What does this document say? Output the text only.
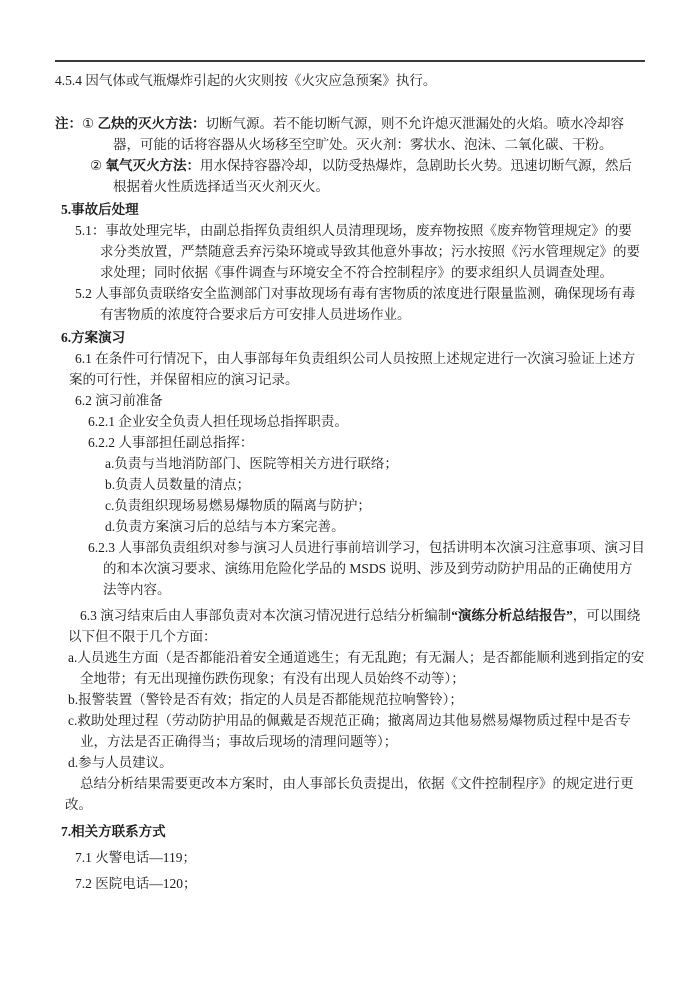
4.5.4 因气体或气瓶爆炸引起的火灾则按《火灾应急预案》执行。

注：① 乙炔的灭火方法：切断气源。若不能切断气源，则不允许熄灭泄漏处的火焰。喷水冷却容器，可能的话将容器从火场移至空旷处。灭火剂：雾状水、泡沫、二氧化碳、干粉。

② 氧气灭火方法：用水保持容器冷却，以防受热爆炸，急剧助长火势。迅速切断气源，然后根据着火性质选择适当灭火剂灭火。

5.事故后处理

5.1：事故处理完毕，由副总指挥负责组织人员清理现场，废弃物按照《废弃物管理规定》的要求分类放置，严禁随意丢弃污染环境或导致其他意外事故；污水按照《污水管理规定》的要求处理；同时依据《事件调查与环境安全不符合控制程序》的要求组织人员调查处理。

5.2 人事部负责联络安全监测部门对事故现场有毒有害物质的浓度进行限量监测，确保现场有毒有害物质的浓度符合要求后方可安排人员进场作业。

6.方案演习

6.1 在条件可行情况下，由人事部每年负责组织公司人员按照上述规定进行一次演习验证上述方案的可行性，并保留相应的演习记录。

6.2 演习前准备

6.2.1 企业安全负责人担任现场总指挥职责。

6.2.2 人事部担任副总指挥：

a.负责与当地消防部门、医院等相关方进行联络；

b.负责人员数量的清点；

c.负责组织现场易燃易爆物质的隔离与防护；

d.负责方案演习后的总结与本方案完善。

6.2.3 人事部负责组织对参与演习人员进行事前培训学习，包括讲明本次演习注意事项、演习目的和本次演习要求、演练用危险化学品的 MSDS 说明、涉及到劳动防护用品的正确使用方法等内容。

6.3 演习结束后由人事部负责对本次演习情况进行总结分析编制“演练分析总结报告”，可以围绕以下但不限于几个方面：

a.人员逃生方面（是否都能沿着安全通道逃生；有无乱跑；有无漏人；是否都能顺利逃到指定的安全地带；有无出现撞伤跌伤现象；有没有出现人员始终不动等）；

b.报警装置（警铃是否有效；指定的人员是否都能规范拉响警铃）；

c.救助处理过程（劳动防护用品的佩戴是否规范正确；撤离周边其他易燃易爆物质过程中是否专业，方法是否正确得当；事故后现场的清理问题等）；

d.参与人员建议。

总结分析结果需要更改本方案时，由人事部长负责提出，依据《文件控制程序》的规定进行更改。

7.相关方联系方式

7.1 火警电话—119；

7.2 医院电话—120；
